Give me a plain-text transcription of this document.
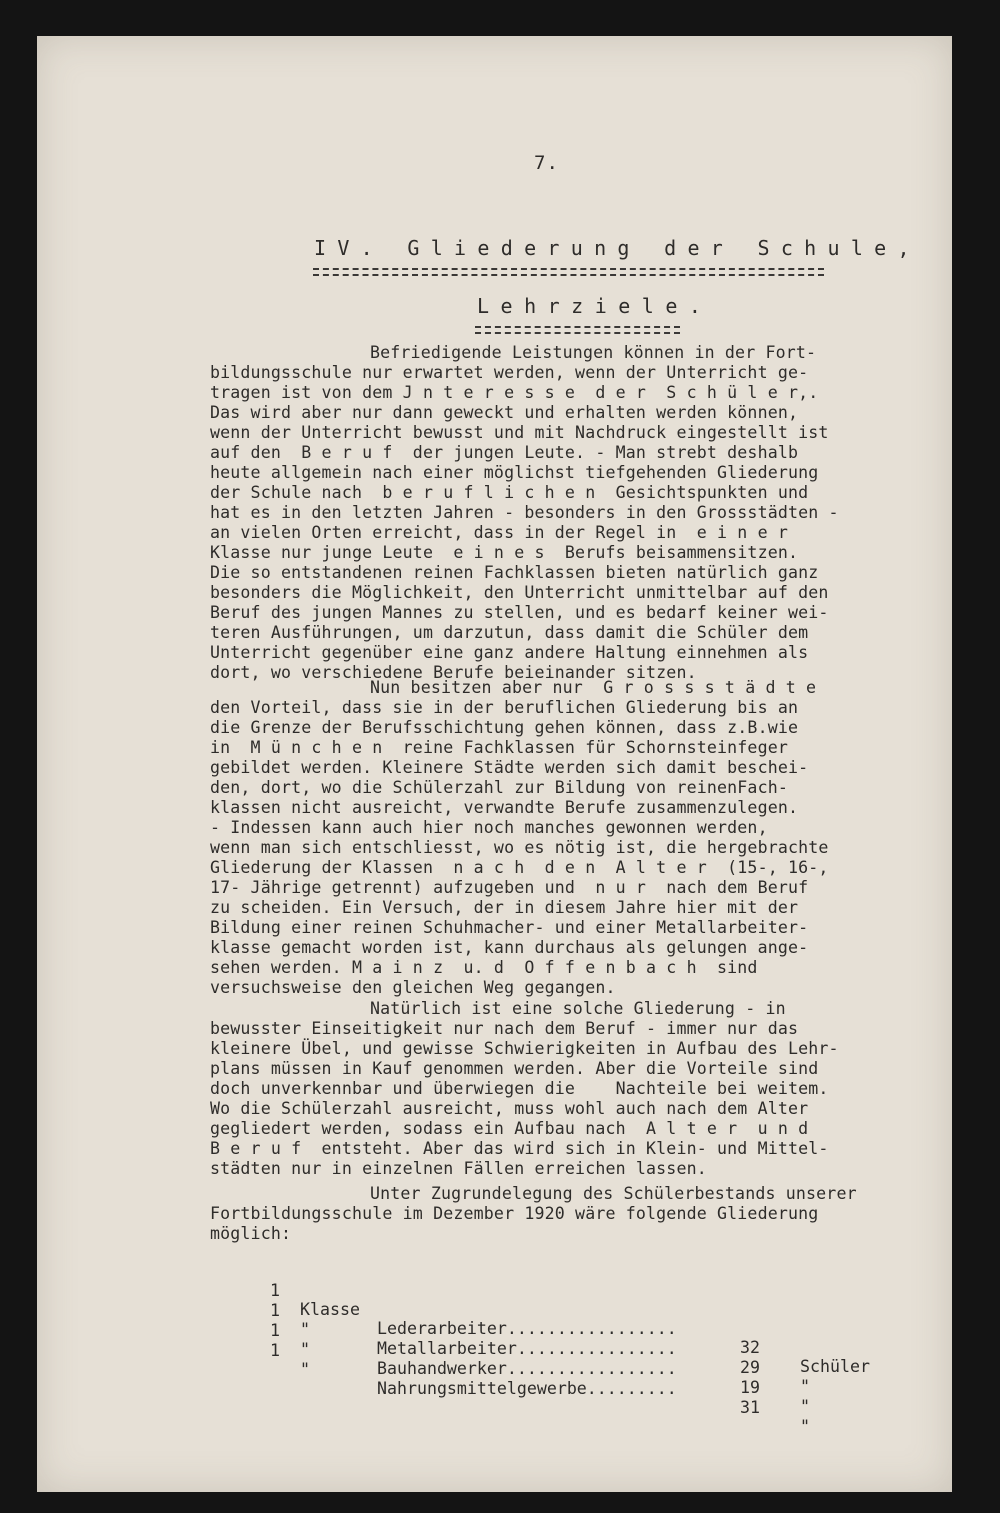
7.
IV. Gliederung der Schule,
Lehrziele.
Befriedigende Leistungen können in der Fort-
bildungsschule nur erwartet werden, wenn der Unterricht ge-
tragen ist von dem J n t e r e s s e  d e r  S c h ü l e r,.
Das wird aber nur dann geweckt und erhalten werden können,
wenn der Unterricht bewusst und mit Nachdruck eingestellt ist
auf den  B e r u f  der jungen Leute. - Man strebt deshalb
heute allgemein nach einer möglichst tiefgehenden Gliederung
der Schule nach  b e r u f l i c h e n  Gesichtspunkten und
hat es in den letzten Jahren - besonders in den Grossstädten -
an vielen Orten erreicht, dass in der Regel in  e i n e r
Klasse nur junge Leute  e i n e s  Berufs beisammensitzen.
Die so entstandenen reinen Fachklassen bieten natürlich ganz
besonders die Möglichkeit, den Unterricht unmittelbar auf den
Beruf des jungen Mannes zu stellen, und es bedarf keiner wei-
teren Ausführungen, um darzutun, dass damit die Schüler dem
Unterricht gegenüber eine ganz andere Haltung einnehmen als
dort, wo verschiedene Berufe beieinander sitzen.
Nun besitzen aber nur  G r o s s s t ä d t e
den Vorteil, dass sie in der beruflichen Gliederung bis an
die Grenze der Berufsschichtung gehen können, dass z.B.wie
in  M ü n c h e n  reine Fachklassen für Schornsteinfeger
gebildet werden. Kleinere Städte werden sich damit beschei-
den, dort, wo die Schülerzahl zur Bildung von reinenFach-
klassen nicht ausreicht, verwandte Berufe zusammenzulegen.
- Indessen kann auch hier noch manches gewonnen werden,
wenn man sich entschliesst, wo es nötig ist, die hergebrachte
Gliederung der Klassen  n a c h  d e n  A l t e r  (15-, 16-,
17- Jährige getrennt) aufzugeben und  n u r  nach dem Beruf
zu scheiden. Ein Versuch, der in diesem Jahre hier mit der
Bildung einer reinen Schuhmacher- und einer Metallarbeiter-
klasse gemacht worden ist, kann durchaus als gelungen ange-
sehen werden. M a i n z  u. d  O f f e n b a c h  sind
versuchsweise den gleichen Weg gegangen.
Natürlich ist eine solche Gliederung - in
bewusster Einseitigkeit nur nach dem Beruf - immer nur das
kleinere Übel, und gewisse Schwierigkeiten in Aufbau des Lehr-
plans müssen in Kauf genommen werden. Aber die Vorteile sind
doch unverkennbar und überwiegen die    Nachteile bei weitem.
Wo die Schülerzahl ausreicht, muss wohl auch nach dem Alter
gegliedert werden, sodass ein Aufbau nach  A l t e r  u n d
B e r u f  entsteht. Aber das wird sich in Klein- und Mittel-
städten nur in einzelnen Fällen erreichen lassen.
Unter Zugrundelegung des Schülerbestands unserer
Fortbildungsschule im Dezember 1920 wäre folgende Gliederung
möglich:

1

Klasse

Lederarbeiter.................

32

Schüler

1

"

Metallarbeiter................

29

"

1

"

Bauhandwerker.................

19

"

1

"

Nahrungsmittelgewerbe.........

31

"
